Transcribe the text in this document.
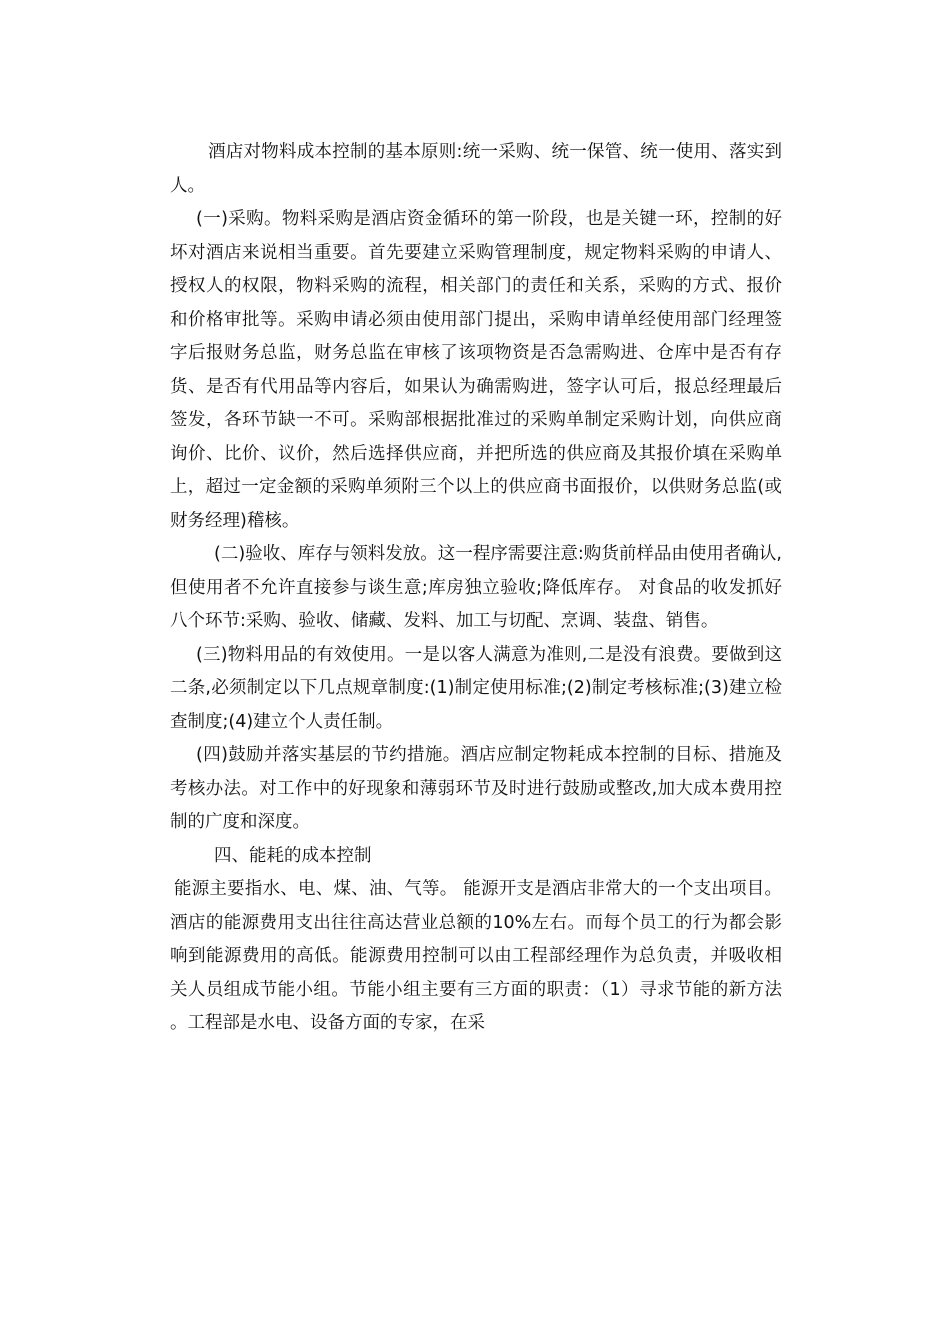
酒店对物料成本控制的基本原则:统一采购、统一保管、统一使用、落实到人。

(一)采购。物料采购是酒店资金循环的第一阶段，也是关键一环，控制的好坏对酒店来说相当重要。首先要建立采购管理制度，规定物料采购的申请人、授权人的权限，物料采购的流程，相关部门的责任和关系，采购的方式、报价和价格审批等。采购申请必须由使用部门提出，采购申请单经使用部门经理签字后报财务总监，财务总监在审核了该项物资是否急需购进、仓库中是否有存货、是否有代用品等内容后，如果认为确需购进，签字认可后，报总经理最后签发，各环节缺一不可。采购部根据批准过的采购单制定采购计划，向供应商询价、比价、议价，然后选择供应商，并把所选的供应商及其报价填在采购单上，超过一定金额的采购单须附三个以上的供应商书面报价，以供财务总监(或财务经理)稽核。

(二)验收、库存与领料发放。这一程序需要注意:购货前样品由使用者确认,但使用者不允许直接参与谈生意;库房独立验收;降低库存。 对食品的收发抓好八个环节:采购、验收、储藏、发料、加工与切配、烹调、装盘、销售。

(三)物料用品的有效使用。一是以客人满意为准则,二是没有浪费。要做到这二条,必须制定以下几点规章制度:(1)制定使用标准;(2)制定考核标准;(3)建立检查制度;(4)建立个人责任制。

(四)鼓励并落实基层的节约措施。酒店应制定物耗成本控制的目标、措施及考核办法。对工作中的好现象和薄弱环节及时进行鼓励或整改,加大成本费用控制的广度和深度。

四、能耗的成本控制

能源主要指水、电、煤、油、气等。 能源开支是酒店非常大的一个支出项目。酒店的能源费用支出往往高达营业总额的10%左右。而每个员工的行为都会影响到能源费用的高低。能源费用控制可以由工程部经理作为总负责，并吸收相关人员组成节能小组。节能小组主要有三方面的职责：（1）寻求节能的新方法。工程部是水电、设备方面的专家，在采
